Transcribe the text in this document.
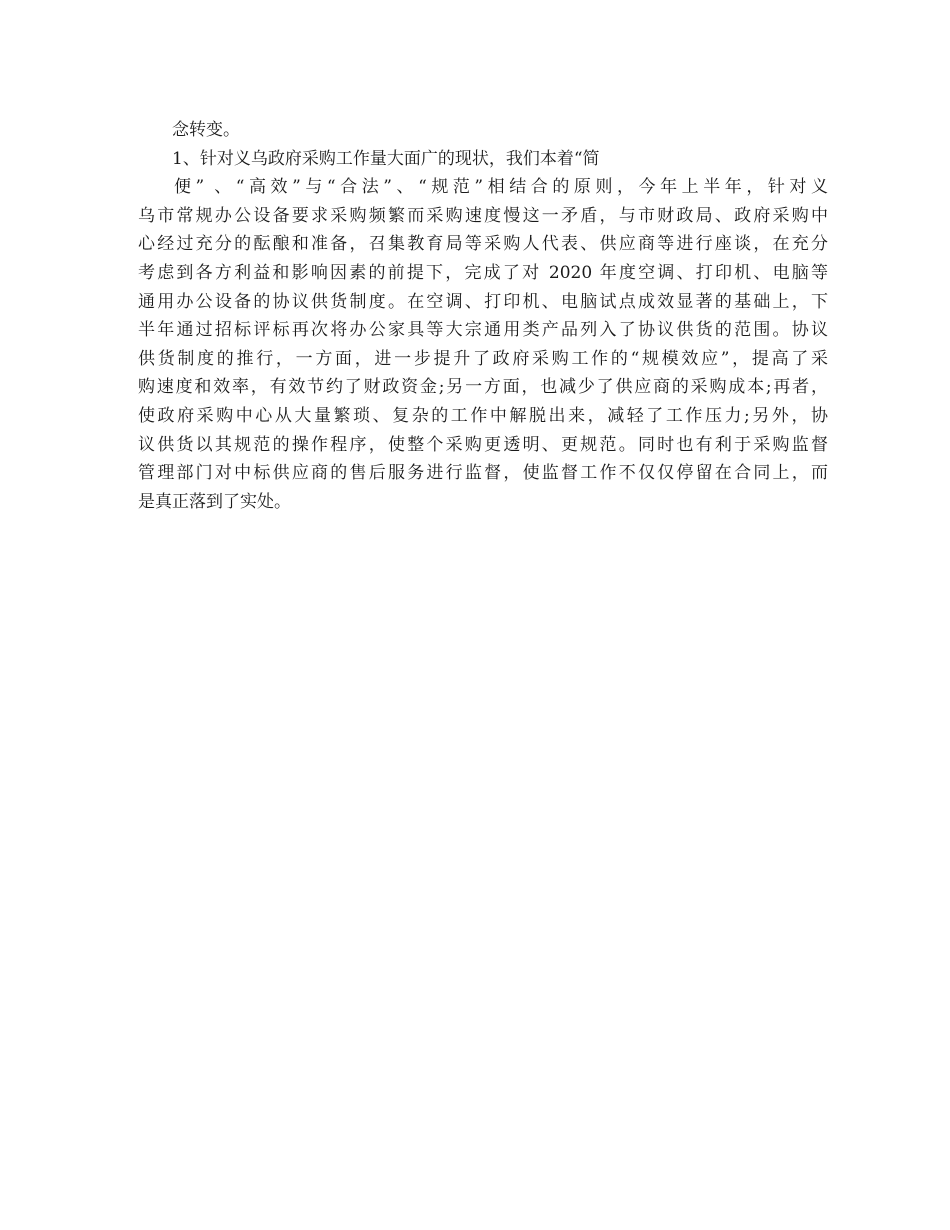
念转变。
1、针对义乌政府采购工作量大面广的现状，我们本着“简
便” 、“高效”与“合法”、“规范”相结合的原则，今年上半年，针对义
乌市常规办公设备要求采购频繁而采购速度慢这一矛盾，与市财政局、政府采购中
心经过充分的酝酿和准备，召集教育局等采购人代表、供应商等进行座谈，在充分
考虑到各方利益和影响因素的前提下，完成了对 2020 年度空调、打印机、电脑等
通用办公设备的协议供货制度。在空调、打印机、电脑试点成效显著的基础上，下
半年通过招标评标再次将办公家具等大宗通用类产品列入了协议供货的范围。协议
供货制度的推行，一方面，进一步提升了政府采购工作的“规模效应”，提高了采
购速度和效率，有效节约了财政资金;另一方面，也减少了供应商的采购成本;再者，
使政府采购中心从大量繁琐、复杂的工作中解脱出来，减轻了工作压力;另外，协
议供货以其规范的操作程序，使整个采购更透明、更规范。同时也有利于采购监督
管理部门对中标供应商的售后服务进行监督，使监督工作不仅仅停留在合同上，而
是真正落到了实处。
